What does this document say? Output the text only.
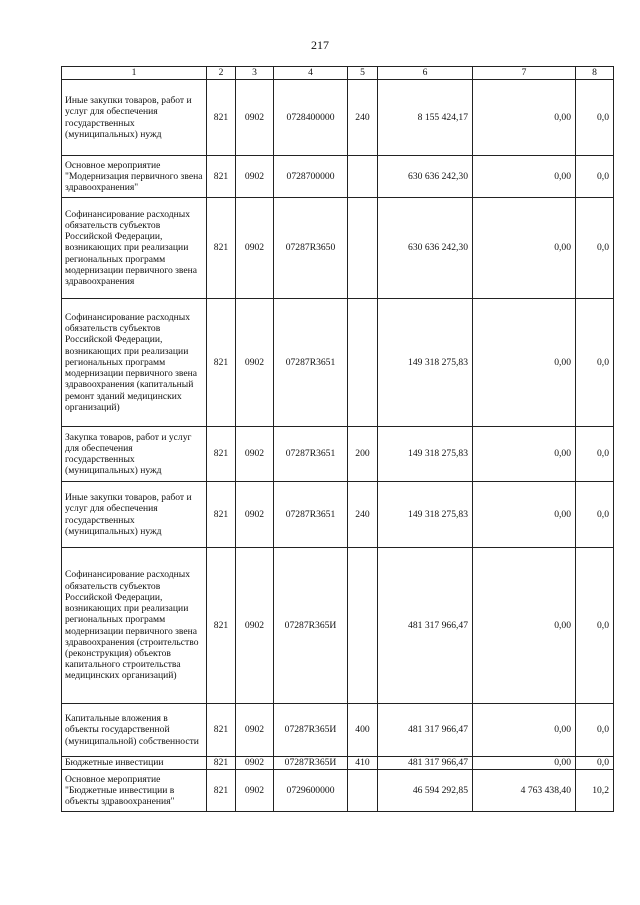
217
1	2	3	4	5	6	7	8
Иные закупки товаров, работ и услуг для обеспечения государственных (муниципальных) нужд	821	0902	0728400000	240	8 155 424,17	0,00	0,0
Основное мероприятие "Модернизация первичного звена здравоохранения"	821	0902	0728700000		630 636 242,30	0,00	0,0
Софинансирование расходных обязательств субъектов Российской Федерации, возникающих при реализации региональных программ модернизации первичного звена здравоохранения	821	0902	07287R3650		630 636 242,30	0,00	0,0
Софинансирование расходных обязательств субъектов Российской Федерации, возникающих при реализации региональных программ модернизации первичного звена здравоохранения (капитальный ремонт зданий медицинских организаций)	821	0902	07287R3651		149 318 275,83	0,00	0,0
Закупка товаров, работ и услуг для обеспечения государственных (муниципальных) нужд	821	0902	07287R3651	200	149 318 275,83	0,00	0,0
Иные закупки товаров, работ и услуг для обеспечения государственных (муниципальных) нужд	821	0902	07287R3651	240	149 318 275,83	0,00	0,0
Софинансирование расходных обязательств субъектов Российской Федерации, возникающих при реализации региональных программ модернизации первичного звена здравоохранения (строительство (реконструкция) объектов капитального строительства медицинских организаций)	821	0902	07287R365И		481 317 966,47	0,00	0,0
Капитальные вложения в объекты государственной (муниципальной) собственности	821	0902	07287R365И	400	481 317 966,47	0,00	0,0
Бюджетные инвестиции	821	0902	07287R365И	410	481 317 966,47	0,00	0,0
Основное мероприятие "Бюджетные инвестиции в объекты здравоохранения"	821	0902	0729600000		46 594 292,85	4 763 438,40	10,2
